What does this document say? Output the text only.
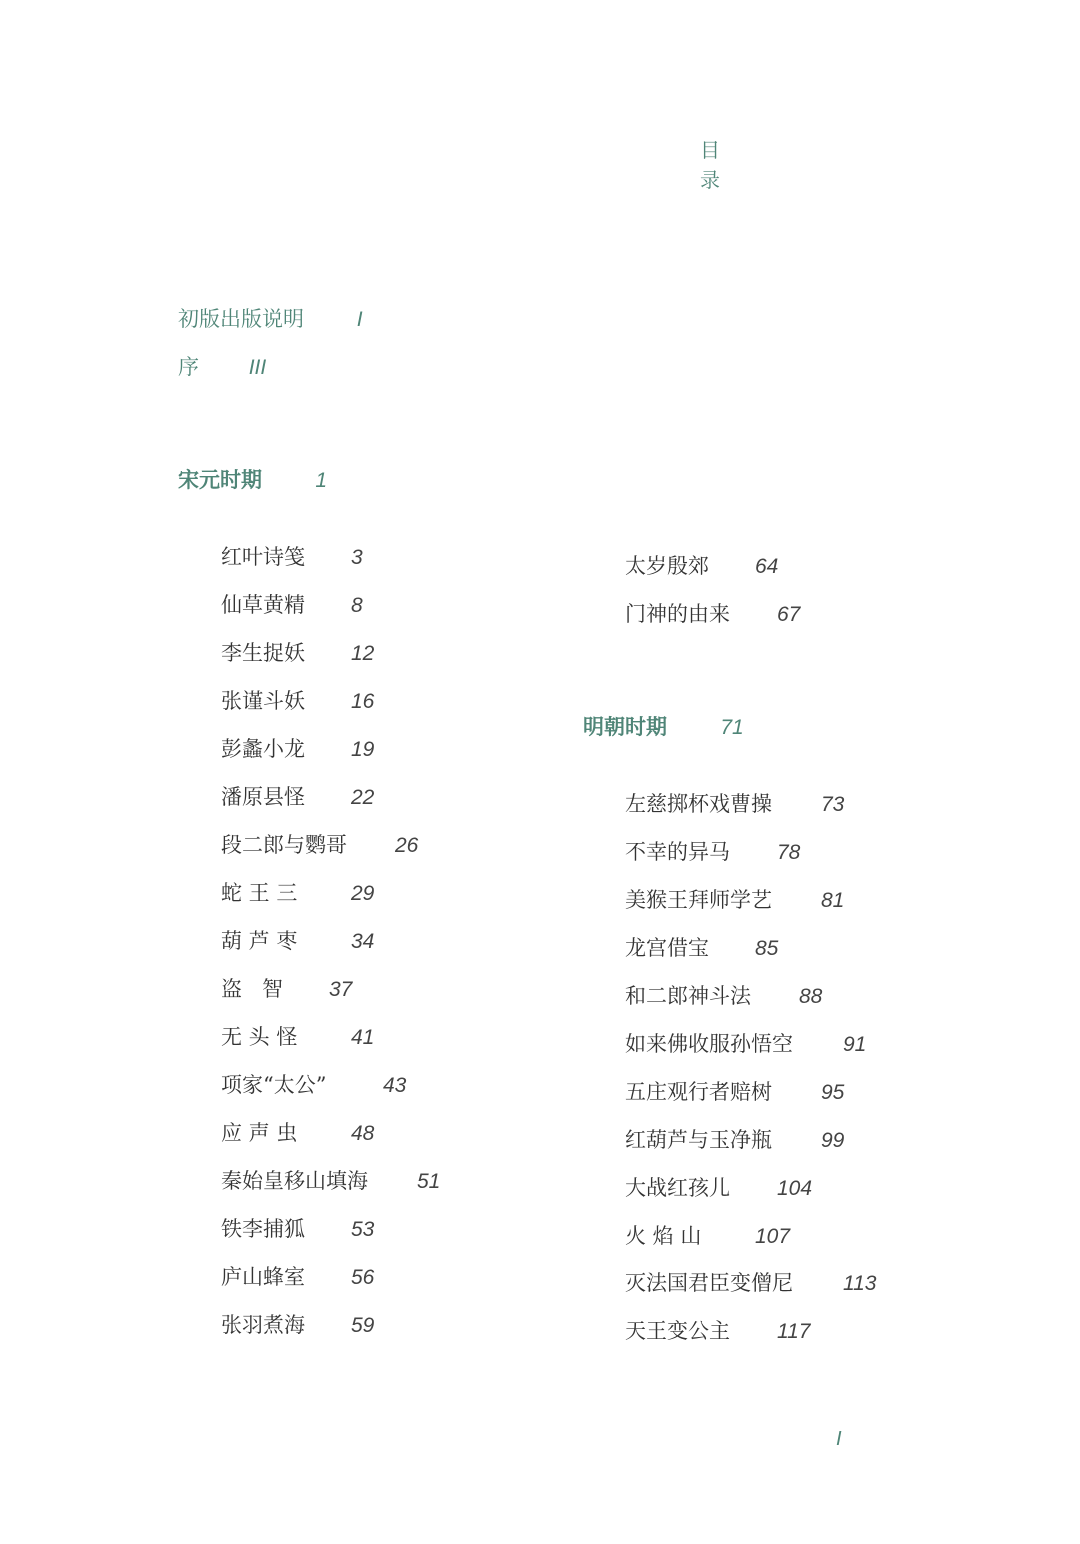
目
录
初版出版说明	I
序 III
宋元时期	1
红叶诗笺 3
仙草黄精 8
李生捉妖 12
张谨斗妖 16
彭蠡小龙 19
潘原县怪 22
段二郎与鹦哥 26
蛇 王 三	29
葫 芦 枣	34
盗   智 37
无 头 怪	41
项家“太公”	43
应 声 虫	48
秦始皇移山填海 51
铁李捕狐 53
庐山蜂室 56
张羽煮海 59
太岁殷郊 64
门神的由来 67
明朝时期	71
左慈掷杯戏曹操 73
不幸的异马 78
美猴王拜师学艺 81
龙宫借宝 85
和二郎神斗法 88
如来佛收服孙悟空 91
五庄观行者赔树 95
红葫芦与玉净瓶 99
大战红孩儿 104
火 焰 山	107
灭法国君臣变僧尼 113
天王变公主 117
I
